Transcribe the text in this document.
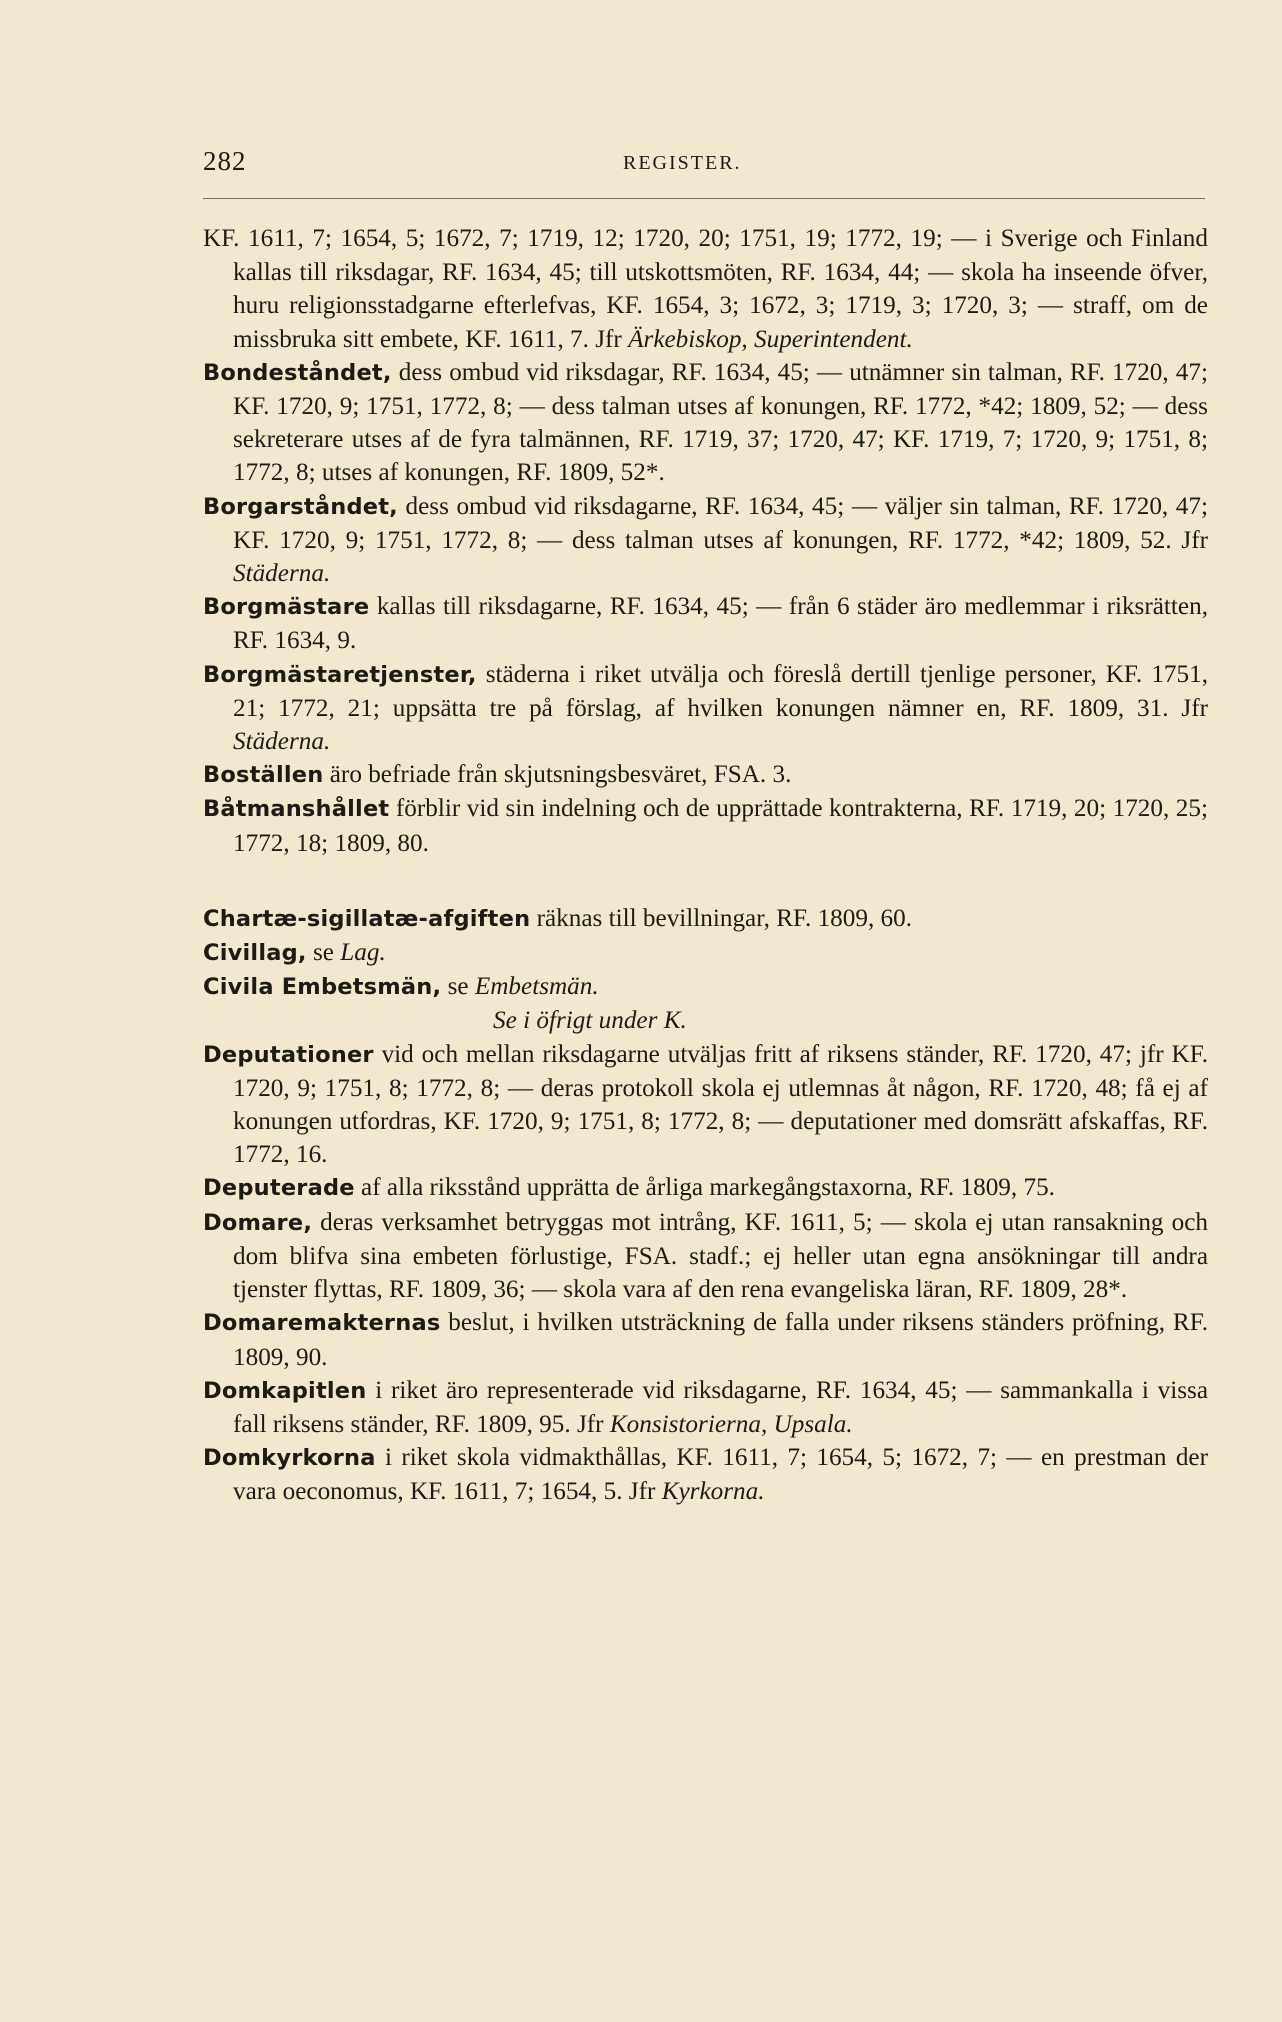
282	REGISTER.

KF. 1611, 7; 1654, 5; 1672, 7; 1719, 12; 1720, 20; 1751, 19; 1772, 19; — i Sverige och Finland kallas till riksdagar, RF. 1634, 45; till utskottsmöten, RF. 1634, 44; — skola ha inseende öfver, huru religionsstadgarne efterlefvas, KF. 1654, 3; 1672, 3; 1719, 3; 1720, 3; — straff, om de missbruka sitt embete, KF. 1611, 7. Jfr Ärkebiskop, Superintendent.

Bondeståndet, dess ombud vid riksdagar, RF. 1634, 45; — utnämner sin talman, RF. 1720, 47; KF. 1720, 9; 1751, 1772, 8; — dess talman utses af konungen, RF. 1772, *42; 1809, 52; — dess sekreterare utses af de fyra talmännen, RF. 1719, 37; 1720, 47; KF. 1719, 7; 1720, 9; 1751, 8; 1772, 8; utses af konungen, RF. 1809, 52*.

Borgarståndet, dess ombud vid riksdagarne, RF. 1634, 45; — väljer sin talman, RF. 1720, 47; KF. 1720, 9; 1751, 1772, 8; — dess talman utses af konungen, RF. 1772, *42; 1809, 52. Jfr Städerna.

Borgmästare kallas till riksdagarne, RF. 1634, 45; — från 6 städer äro medlemmar i riksrätten, RF. 1634, 9.

Borgmästaretjenster, städerna i riket utvälja och föreslå dertill tjenlige personer, KF. 1751, 21; 1772, 21; uppsätta tre på förslag, af hvilken konungen nämner en, RF. 1809, 31. Jfr Städerna.

Boställen äro befriade från skjutsningsbesväret, FSA. 3.

Båtmanshållet förblir vid sin indelning och de upprättade kontrakterna, RF. 1719, 20; 1720, 25; 1772, 18; 1809, 80.

Chartæ-sigillatæ-afgiften räknas till bevillningar, RF. 1809, 60.

Civillag, se Lag.

Civila Embetsmän, se Embetsmän.

Se i öfrigt under K.

Deputationer vid och mellan riksdagarne utväljas fritt af riksens ständer, RF. 1720, 47; jfr KF. 1720, 9; 1751, 8; 1772, 8; — deras protokoll skola ej utlemnas åt någon, RF. 1720, 48; få ej af konungen utfordras, KF. 1720, 9; 1751, 8; 1772, 8; — deputationer med domsrätt afskaffas, RF. 1772, 16.

Deputerade af alla riksstånd upprätta de årliga markegångstaxorna, RF. 1809, 75.

Domare, deras verksamhet betryggas mot intrång, KF. 1611, 5; — skola ej utan ransakning och dom blifva sina embeten förlustige, FSA. stadf.; ej heller utan egna ansökningar till andra tjenster flyttas, RF. 1809, 36; — skola vara af den rena evangeliska läran, RF. 1809, 28*.

Domaremakternas beslut, i hvilken utsträckning de falla under riksens ständers pröfning, RF. 1809, 90.

Domkapitlen i riket äro representerade vid riksdagarne, RF. 1634, 45; — sammankalla i vissa fall riksens ständer, RF. 1809, 95. Jfr Konsistorierna, Upsala.

Domkyrkorna i riket skola vidmakthållas, KF. 1611, 7; 1654, 5; 1672, 7; — en prestman der vara oeconomus, KF. 1611, 7; 1654, 5. Jfr Kyrkorna.
